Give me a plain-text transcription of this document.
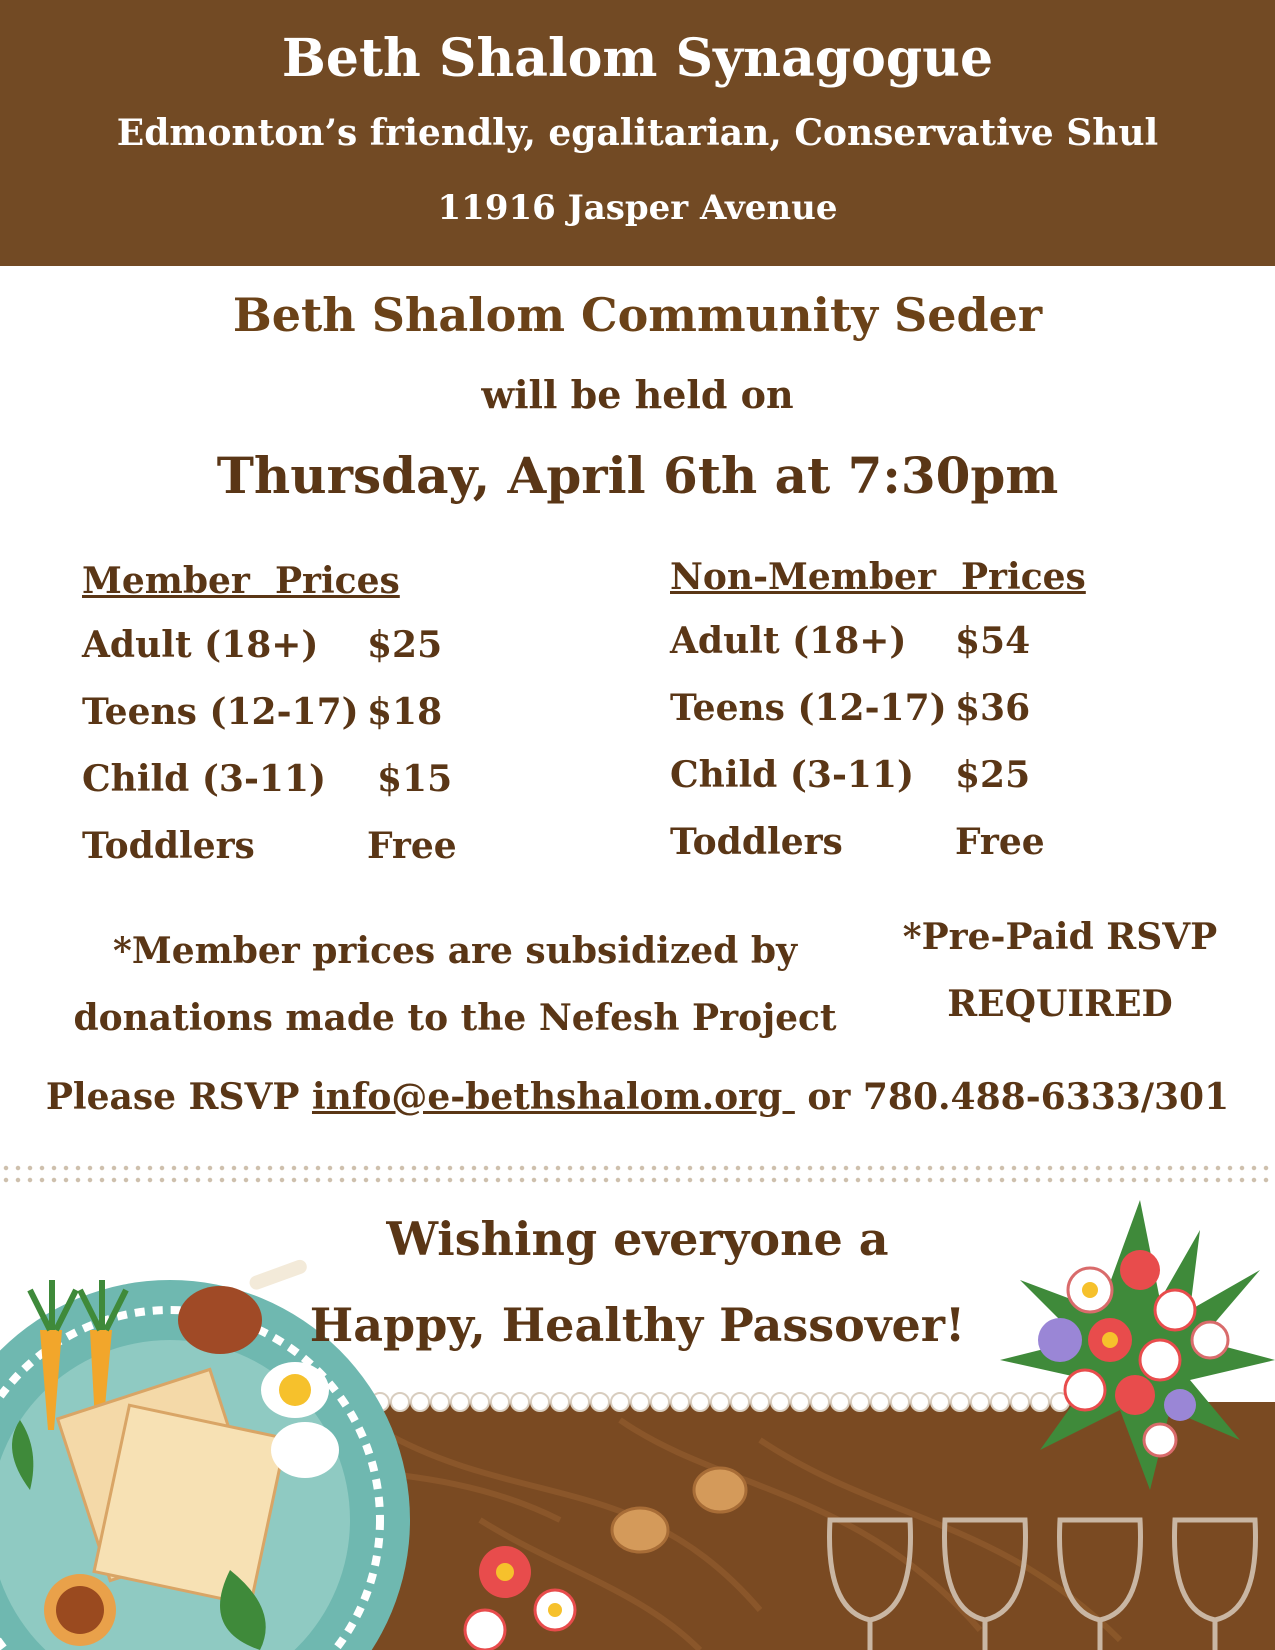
Beth Shalom Synagogue
Edmonton’s friendly, egalitarian, Conservative Shul
11916 Jasper Avenue
Beth Shalom Community Seder
will be held on
Thursday, April 6th at 7:30pm
Member  Prices
Adult (18+)	$25
Teens (12-17) $18
Child (3-11)	$15
Toddlers	Free
Non-Member  Prices
Adult (18+)	$54
Teens (12-17) $36
Child (3-11)	$25
Toddlers	Free
*Member prices are subsidized by
donations made to the Nefesh Project
*Pre-Paid RSVP
REQUIRED
Please RSVP info@e-bethshalom.org  or 780.488-6333/301
Wishing everyone a
Happy, Healthy Passover!
